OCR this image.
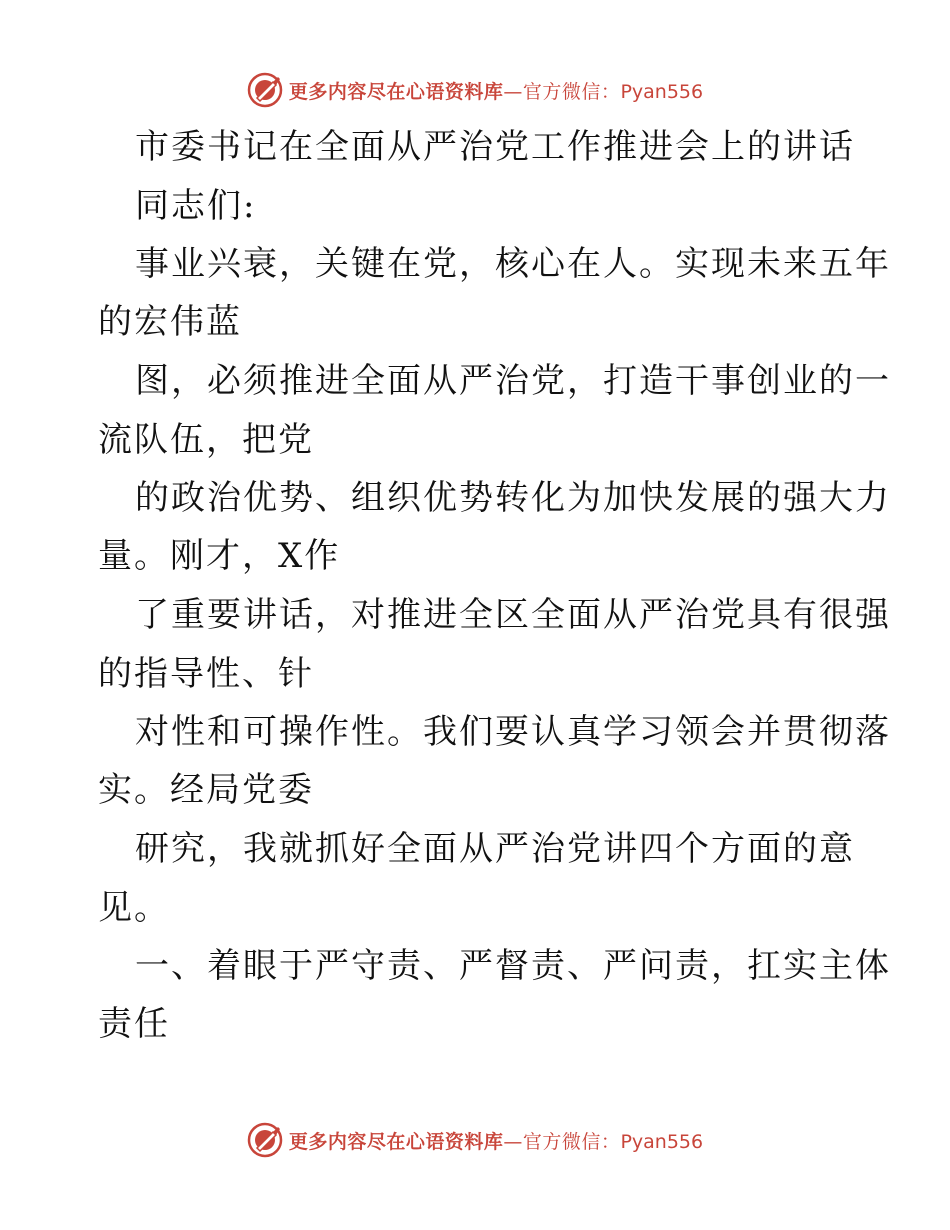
更多内容尽在心语资料库—官方微信：Pyan556
市委书记在全面从严治党工作推进会上的讲话
同志们:
事业兴衰，关键在党，核心在人。实现未来五年
的宏伟蓝
图，必须推进全面从严治党，打造干事创业的一
流队伍，把党
的政治优势、组织优势转化为加快发展的强大力
量。刚才，X作
了重要讲话，对推进全区全面从严治党具有很强
的指导性、针
对性和可操作性。我们要认真学习领会并贯彻落
实。经局党委
研究，我就抓好全面从严治党讲四个方面的意
见。
一、着眼于严守责、严督责、严问责，扛实主体
责任
更多内容尽在心语资料库—官方微信：Pyan556
